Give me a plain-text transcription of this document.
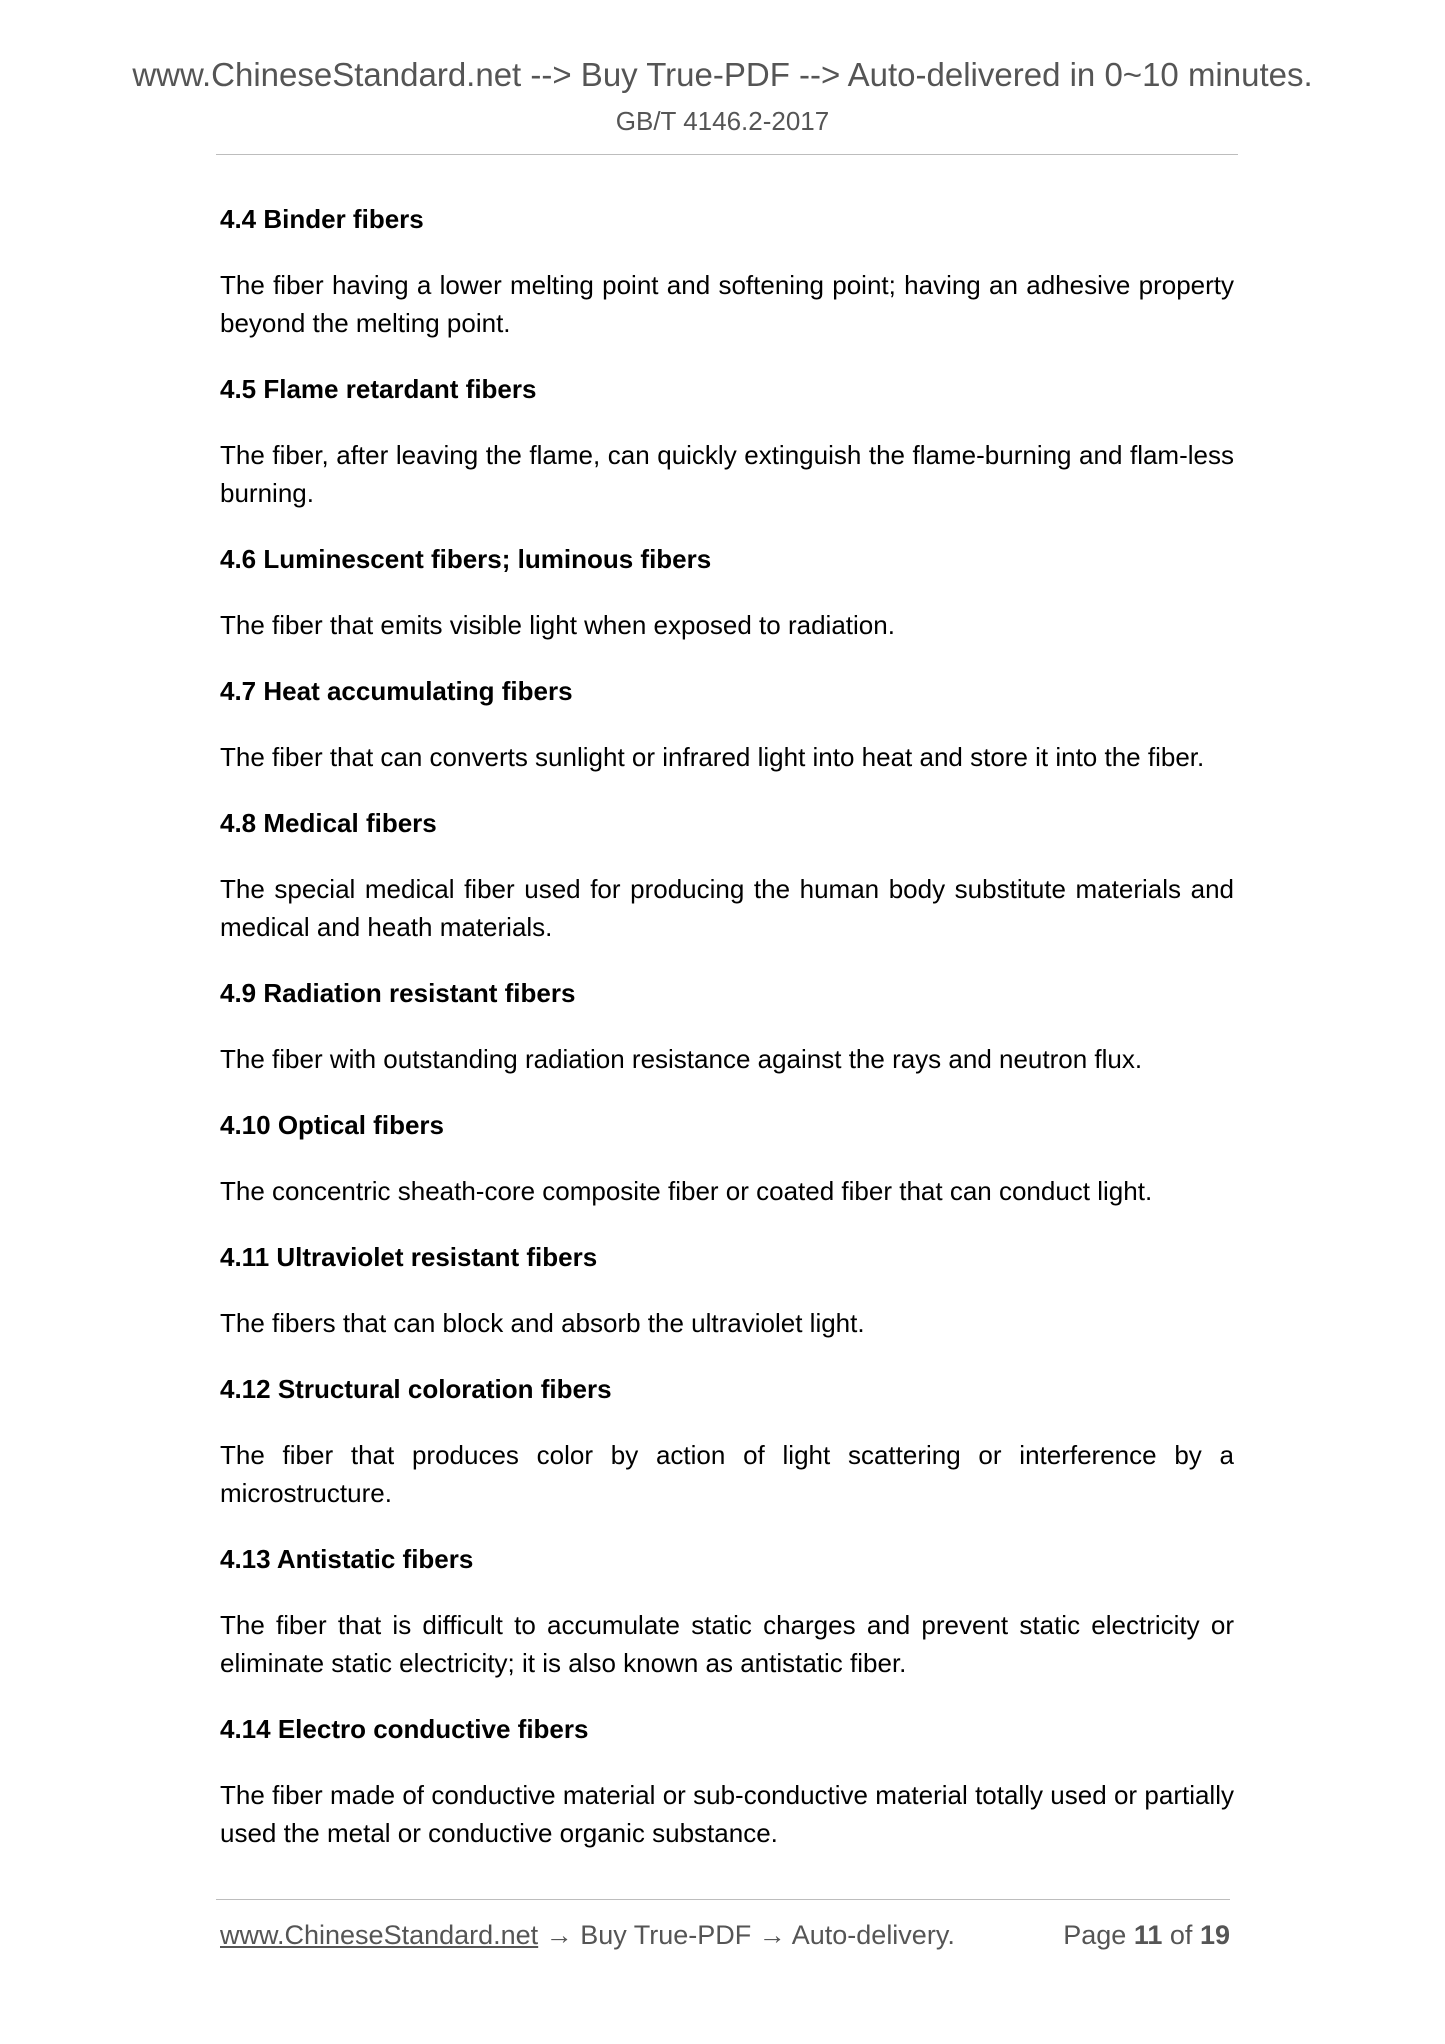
www.ChineseStandard.net --> Buy True-PDF --> Auto-delivered in 0~10 minutes.
GB/T 4146.2-2017

4.4 Binder fibers

The fiber having a lower melting point and softening point; having an adhesive property beyond the melting point.

4.5 Flame retardant fibers

The fiber, after leaving the flame, can quickly extinguish the flame-burning and flam-less burning.

4.6 Luminescent fibers; luminous fibers

The fiber that emits visible light when exposed to radiation.

4.7 Heat accumulating fibers

The fiber that can converts sunlight or infrared light into heat and store it into the fiber.

4.8 Medical fibers

The special medical fiber used for producing the human body substitute materials and medical and heath materials.

4.9 Radiation resistant fibers

The fiber with outstanding radiation resistance against the rays and neutron flux.

4.10 Optical fibers

The concentric sheath-core composite fiber or coated fiber that can conduct light.

4.11 Ultraviolet resistant fibers

The fibers that can block and absorb the ultraviolet light.

4.12 Structural coloration fibers

The fiber that produces color by action of light scattering or interference by a microstructure.

4.13 Antistatic fibers

The fiber that is difficult to accumulate static charges and prevent static electricity or eliminate static electricity; it is also known as antistatic fiber.

4.14 Electro conductive fibers

The fiber made of conductive material or sub-conductive material totally used or partially used the metal or conductive organic substance.

www.ChineseStandard.net → Buy True-PDF → Auto-delivery.	Page 11 of 19
